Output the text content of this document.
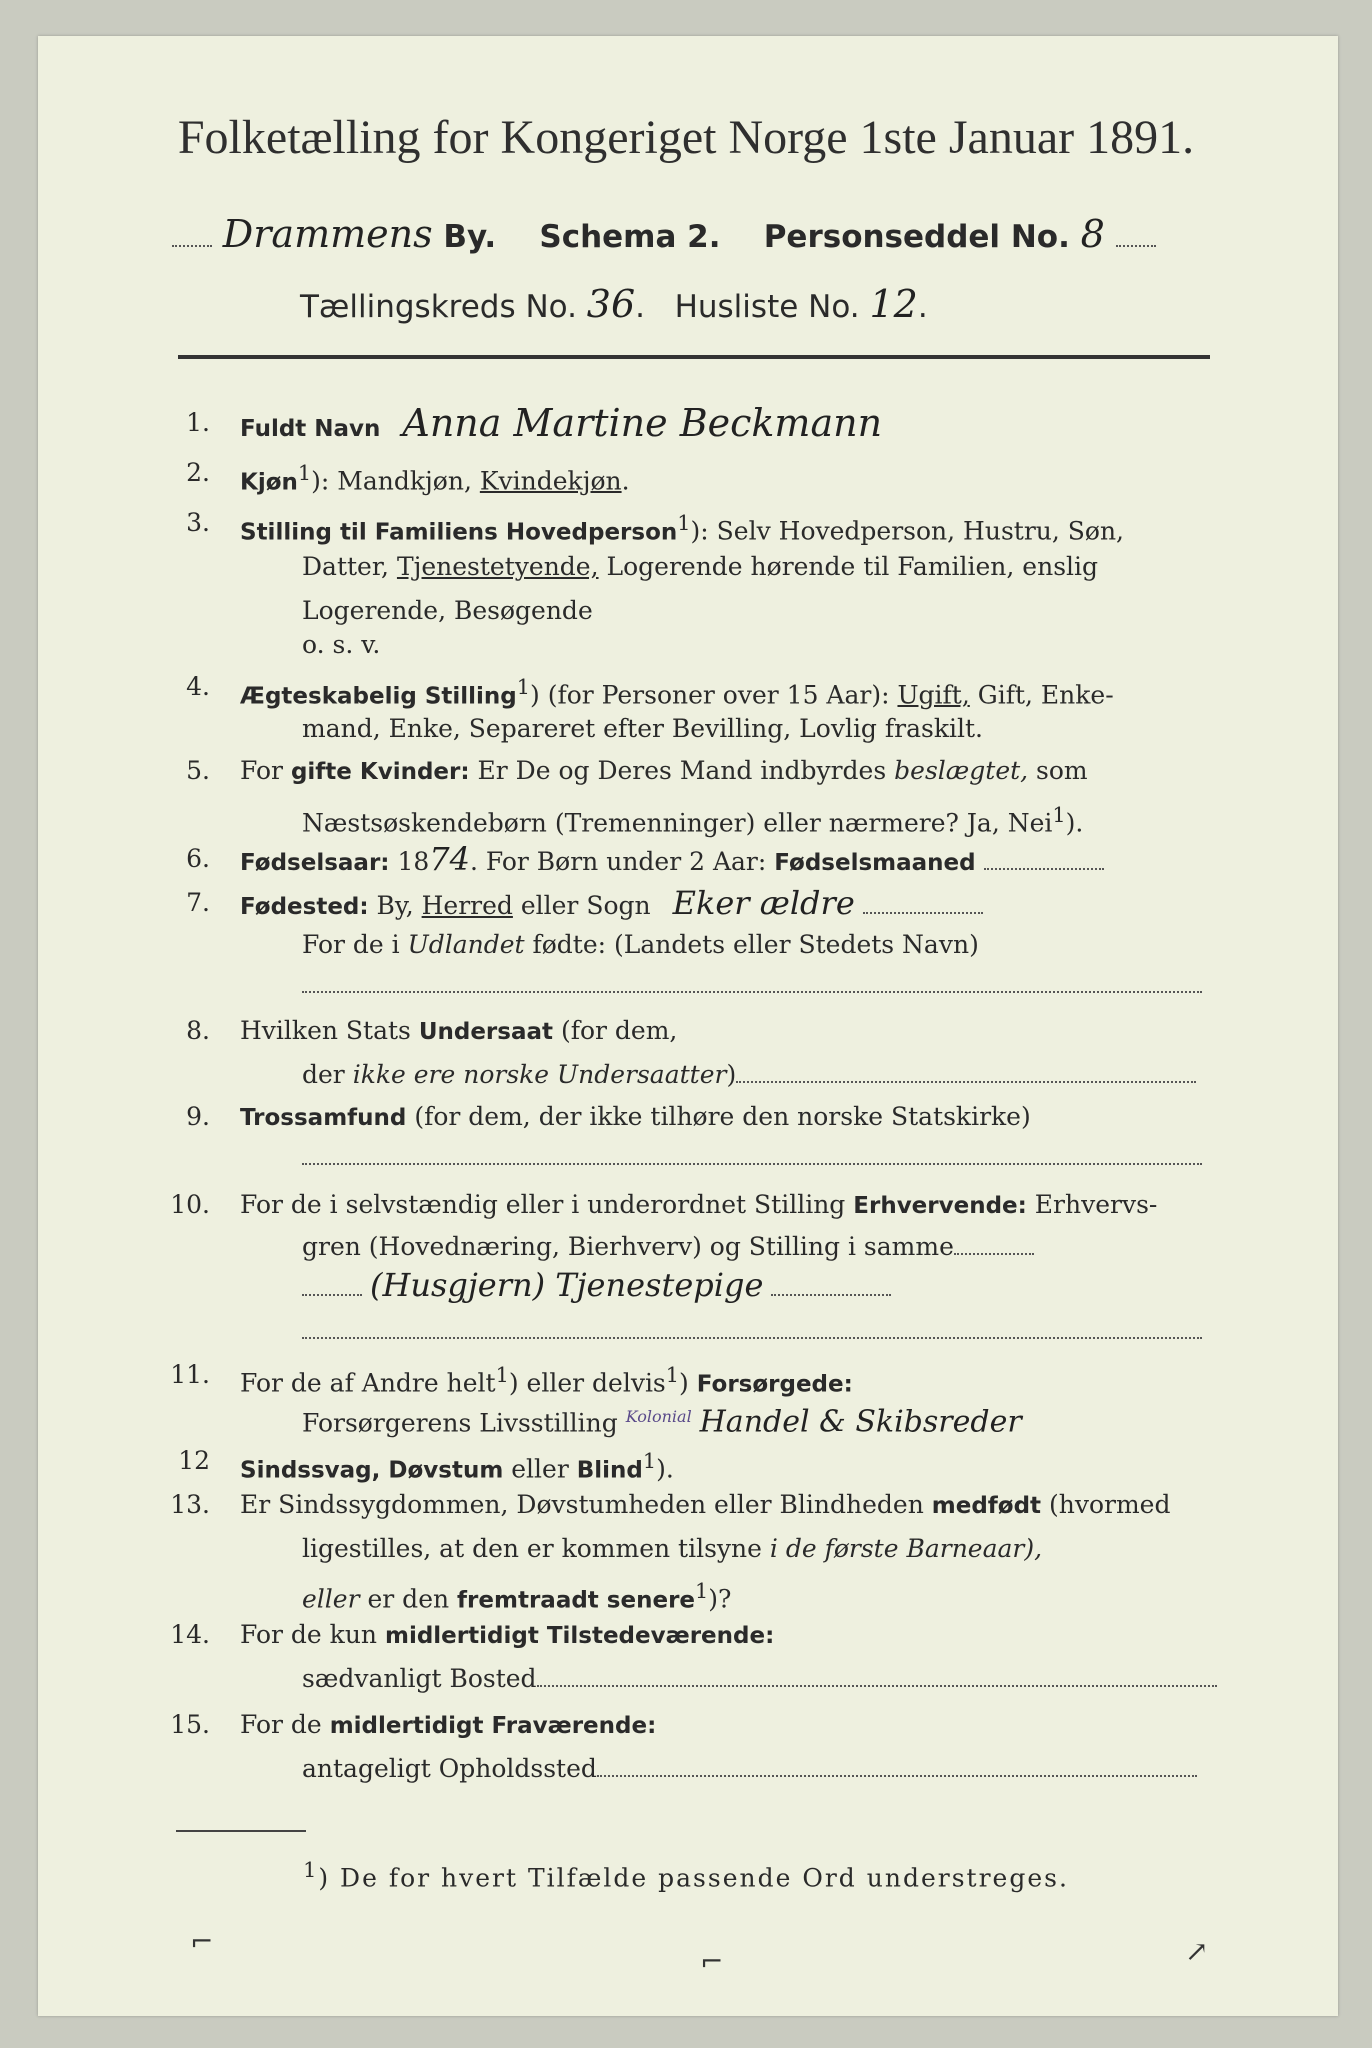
Folketælling for Kongeriget Norge 1ste Januar 1891.
Drammens By. Schema 2. Personseddel No. 8
Tællingskreds No. 36.   Husliste No. 12.
1. Fuldt Navn Anna Martine Beckmann
2. Kjøn$^1$): Mandkjøn, Kvindekjøn.
3. Stilling til Familiens Hovedperson$^1$): Selv Hovedperson, Hustru, Søn,
Datter, Tjenestetyende, Logerende hørende til Familien, enslig
Logerende, Besøgende
o. s. v.
4. Ægteskabelig Stilling$^1$) (for Personer over 15 Aar): Ugift, Gift, Enke-
mand, Enke, Separeret efter Bevilling, Lovlig fraskilt.
5. For gifte Kvinder: Er De og Deres Mand indbyrdes beslægtet, som
Næstsøskendebørn (Tremenninger) eller nærmere? Ja, Nei$^1$).
6. Fødselsaar: 1874. For Børn under 2 Aar: Fødselsmaaned
7. Fødested: By, Herred eller Sogn Eker ældre
For de i Udlandet fødte: (Landets eller Stedets Navn)
8. Hvilken Stats Undersaat (for dem,
der ikke ere norske Undersaatter)
9. Trossamfund (for dem, der ikke tilhøre den norske Statskirke)
10. For de i selvstændig eller i underordnet Stilling Erhvervende: Erhvervs-
gren (Hovednæring, Bierhverv) og Stilling i samme
(Husgjern) Tjenestepige
11. For de af Andre helt$^1$) eller delvis$^1$) Forsørgede:
Forsørgerens Livsstilling $^{Kolonial}$ Handel & Skibsreder
12 Sindssvag, Døvstum eller Blind$^1$).
13. Er Sindssygdommen, Døvstumheden eller Blindheden medfødt (hvormed
ligestilles, at den er kommen tilsyne i de første Barneaar),
eller er den fremtraadt senere$^1$)?
14. For de kun midlertidigt Tilstedeværende:
sædvanligt Bosted
15. For de midlertidigt Fraværende:
antageligt Opholdssted
$^1$) De for hvert Tilfælde passende Ord understreges.
⌐
⌐	↗
